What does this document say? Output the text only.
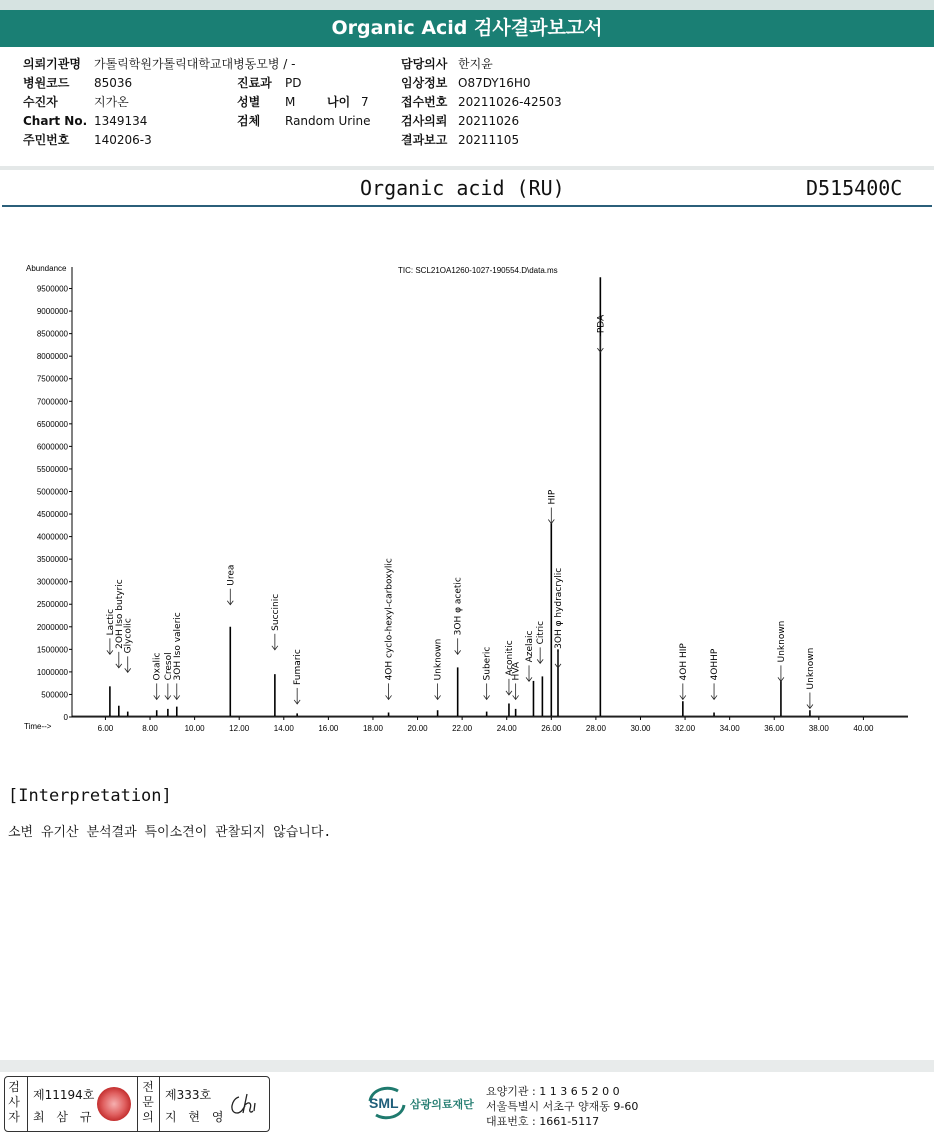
Organic Acid 검사결과보고서
의뢰기관명	가톨릭학원가톨릭대학교대병동모병 / -
병원코드	85036
수진자	지가온
Chart No. 1349134
주민번호	140206-3
진료과	PD
성별	M	나이 7
검체	Random Urine
담당의사 한지윤
임상정보 O87DY16H0
접수번호 20211026-42503
검사의뢰 20211026
결과보고 20211105
Organic acid (RU)	D515400C
Abundance	TIC: SCL21OA1260-1027-190554.D\data.ms
Time-->
0
500000
1000000
1500000
2000000
2500000
3000000
3500000
4000000
4500000
5000000
5500000
6000000
6500000
7000000
7500000
8000000
8500000
9000000
9500000
6.00	8.00	10.00	12.00	14.00	16.00	18.00	20.00	22.00	24.00	26.00	28.00	30.00	32.00	34.00	36.00	38.00	40.00
Lactic
2OH Iso butyric
Glycolic
Oxalic Cresol
3OH Iso valeric
Urea
Succinic
Fumaric	4OH cyclo-hexyl-carboxylic	Unknown
3OH φ acetic
Suberic Aconitic
HVA
Azelaic Citric
HIP
3OH φ hydracrylic
PDA
4OH HIP 4OHHP
Unknown
Unknown
[Interpretation]
소변 유기산 분석결과 특이소견이 관찰되지 않습니다.
검사자
제11194호
최 삼 규
전문의
제333호
지 현 영
SML 삼광의료재단
요양기관 : 1 1 3 6 5 2 0 0
서울특별시 서초구 양재동 9-60
대표번호 : 1661-5117
